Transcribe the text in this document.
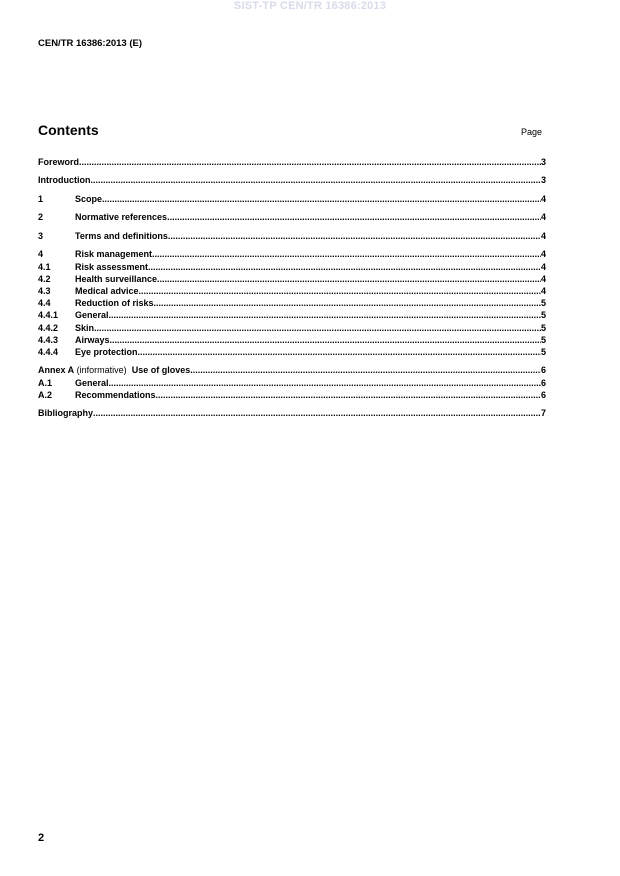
SIST-TP CEN/TR 16386:2013
CEN/TR 16386:2013 (E)
Contents	Page
Foreword .....	3
Introduction .....	3
1	Scope .....	4
2	Normative references .....	4
3	Terms and definitions .....	4
4	Risk management .....	4
4.1	Risk assessment .....	4
4.2	Health surveillance .....	4
4.3	Medical advice .....	4
4.4	Reduction of risks .....	5
4.4.1	General .....	5
4.4.2	Skin .....	5
4.4.3	Airways .....	5
4.4.4	Eye protection .....	5
Annex A (informative)  Use of gloves .....	6
A.1	General .....	6
A.2	Recommendations .....	6
Bibliography .....	7
2
